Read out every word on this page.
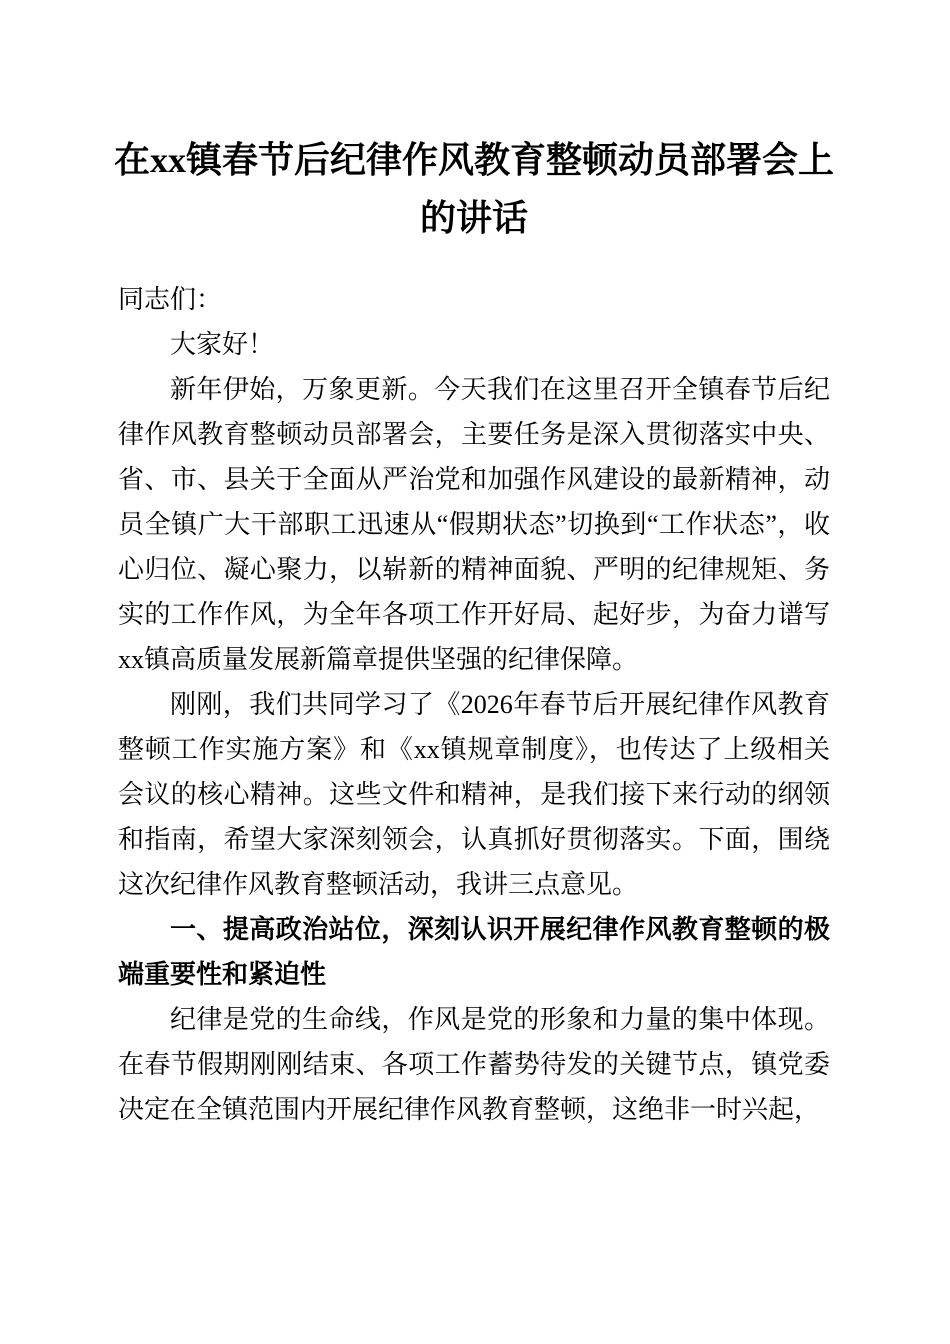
在xx镇春节后纪律作风教育整顿动员部署会上的讲话

同志们：

大家好！

新年伊始，万象更新。今天我们在这里召开全镇春节后纪律作风教育整顿动员部署会，主要任务是深入贯彻落实中央、省、市、县关于全面从严治党和加强作风建设的最新精神，动员全镇广大干部职工迅速从“假期状态”切换到“工作状态”，收心归位、凝心聚力，以崭新的精神面貌、严明的纪律规矩、务实的工作作风，为全年各项工作开好局、起好步，为奋力谱写xx镇高质量发展新篇章提供坚强的纪律保障。

刚刚，我们共同学习了《2026年春节后开展纪律作风教育整顿工作实施方案》和《xx镇规章制度》，也传达了上级相关会议的核心精神。这些文件和精神，是我们接下来行动的纲领和指南，希望大家深刻领会，认真抓好贯彻落实。下面，围绕这次纪律作风教育整顿活动，我讲三点意见。

一、提高政治站位，深刻认识开展纪律作风教育整顿的极端重要性和紧迫性

纪律是党的生命线，作风是党的形象和力量的集中体现。在春节假期刚刚结束、各项工作蓄势待发的关键节点，镇党委决定在全镇范围内开展纪律作风教育整顿，这绝非一时兴起，
